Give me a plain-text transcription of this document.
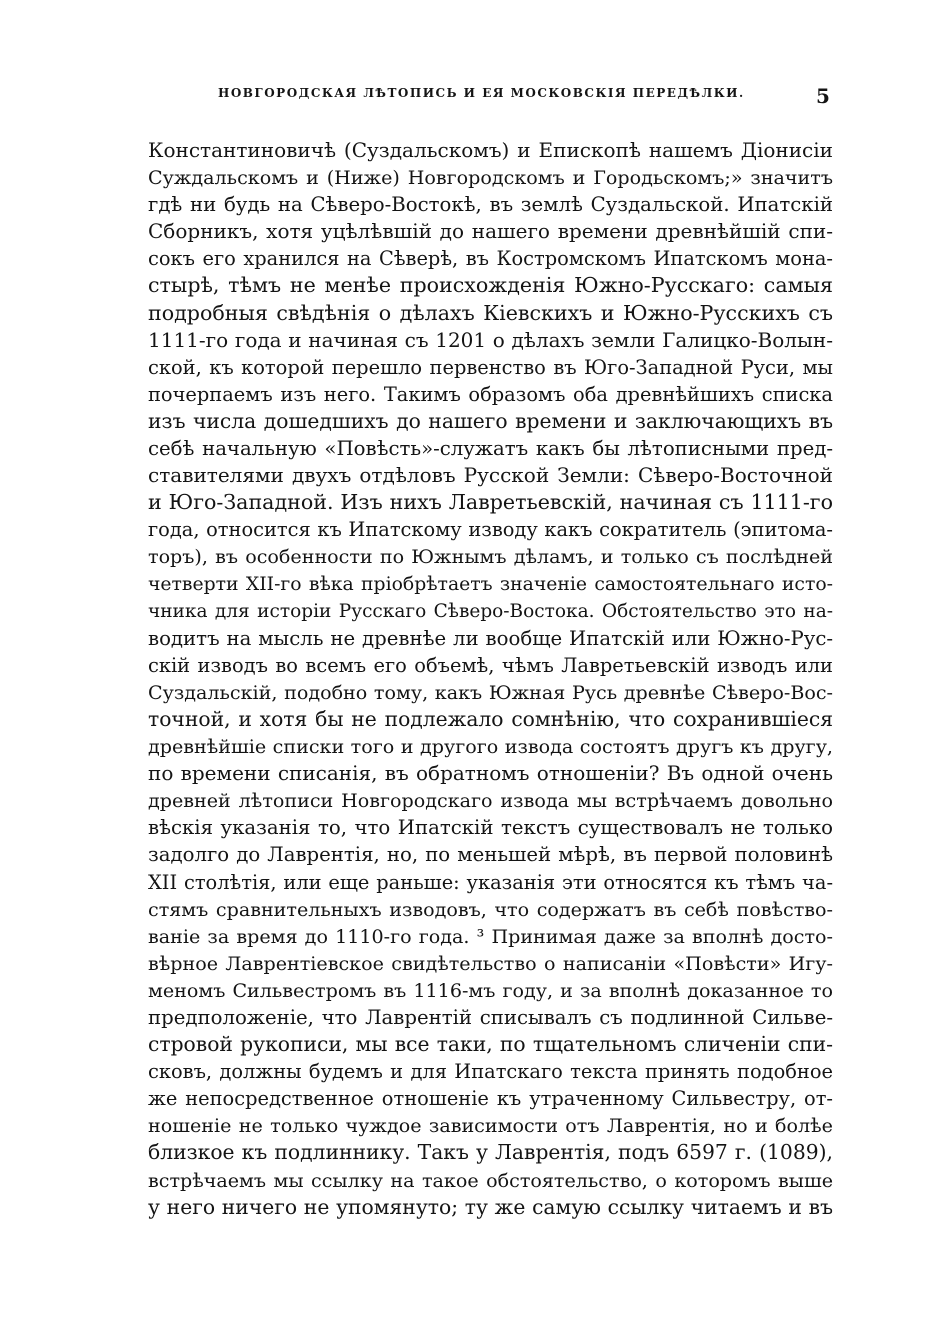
НОВГОРОДСКАЯ ЛѢТОПИСЬ И ЕЯ МОСКОВСКІЯ ПЕРЕДѢЛКИ.	5
Константиновичѣ (Суздальскомъ) и Епископѣ нашемъ Діонисіи
Суждальскомъ и (Ниже) Новгородскомъ и Городьскомъ;» значитъ
гдѣ ни будь на Сѣверо-Востокѣ, въ землѣ Суздальской. Ипатскій
Сборникъ, хотя уцѣлѣвшій до нашего времени древнѣйшій спи-
сокъ его хранился на Сѣверѣ, въ Костромскомъ Ипатскомъ мона-
стырѣ, тѣмъ не менѣе происхожденія Южно-Русскаго: самыя
подробныя свѣдѣнія о дѣлахъ Кіевскихъ и Южно-Русскихъ съ
1111-го года и начиная съ 1201 о дѣлахъ земли Галицко-Волын-
ской, къ которой перешло первенство въ Юго-Западной Руси, мы
почерпаемъ изъ него. Такимъ образомъ оба древнѣйшихъ списка
изъ числа дошедшихъ до нашего времени и заключающихъ въ
себѣ начальную «Повѣсть»-служатъ какъ бы лѣтописными пред-
ставителями двухъ отдѣловъ Русской Земли: Сѣверо-Восточной
и Юго-Западной. Изъ нихъ Лавретьевскій, начиная съ 1111-го
года, относится къ Ипатскому изводу какъ сократитель (эпитома-
торъ), въ особенности по Южнымъ дѣламъ, и только съ послѣдней
четверти XII-го вѣка пріобрѣтаетъ значеніе самостоятельнаго исто-
чника для исторіи Русскаго Сѣверо-Востока. Обстоятельство это на-
водитъ на мысль не древнѣе ли вообще Ипатскій или Южно-Рус-
скій изводъ во всемъ его объемѣ, чѣмъ Лавретьевскій изводъ или
Суздальскій, подобно тому, какъ Южная Русь древнѣе Сѣверо-Вос-
точной, и хотя бы не подлежало сомнѣнію, что сохранившіеся
древнѣйшіе списки того и другого извода состоятъ другъ къ другу,
по времени списанія, въ обратномъ отношеніи? Въ одной очень
древней лѣтописи Новгородскаго извода мы встрѣчаемъ довольно
вѣскія указанія то, что Ипатскій текстъ существовалъ не только
задолго до Лаврентія, но, по меньшей мѣрѣ, въ первой половинѣ
XII столѣтія, или еще раньше: указанія эти относятся къ тѣмъ ча-
стямъ сравнительныхъ изводовъ, что содержатъ въ себѣ повѣство-
ваніе за время до 1110-го года. ³ Принимая даже за вполнѣ досто-
вѣрное Лаврентіевское свидѣтельство о написаніи «Повѣсти» Игу-
меномъ Сильвестромъ въ 1116-мъ году, и за вполнѣ доказанное то
предположеніе, что Лаврентій списывалъ съ подлинной Сильве-
стровой рукописи, мы все таки, по тщательномъ сличеніи спи-
сковъ, должны будемъ и для Ипатскаго текста принять подобное
же непосредственное отношеніе къ утраченному Сильвестру, от-
ношеніе не только чуждое зависимости отъ Лаврентія, но и болѣе
близкое къ подлиннику. Такъ у Лаврентія, подъ 6597 г. (1089),
встрѣчаемъ мы ссылку на такое обстоятельство, о которомъ выше
у него ничего не упомянуто; ту же самую ссылку читаемъ и въ
